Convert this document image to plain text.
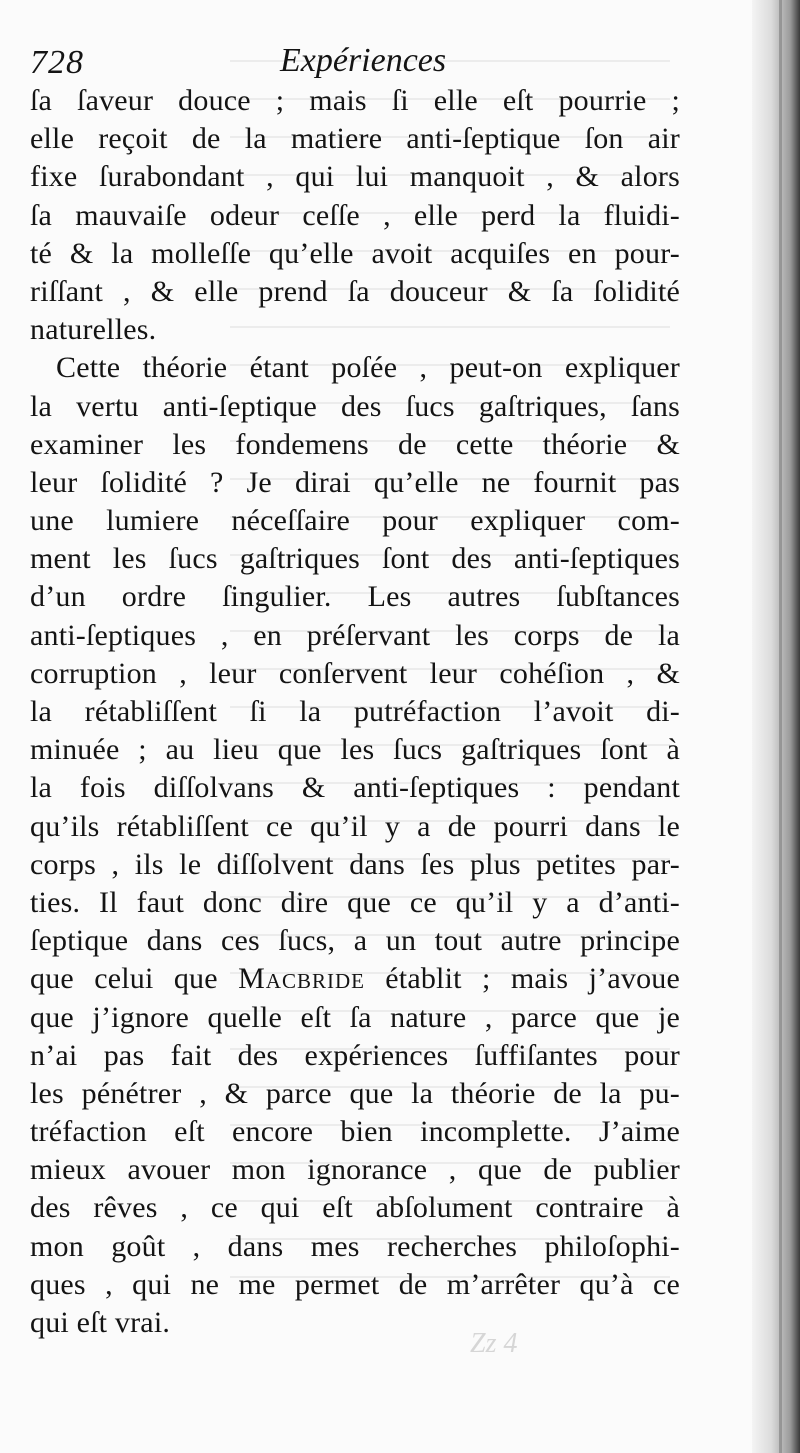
728	Expériences
ſa ſaveur douce ; mais ſi elle eſt pourrie ;
elle reçoit de la matiere anti-ſeptique ſon air
fixe ſurabondant , qui lui manquoit , & alors
ſa mauvaiſe odeur ceſſe , elle perd la fluidi-
té & la molleſſe qu’elle avoit acquiſes en pour-
riſſant , & elle prend ſa douceur & ſa ſolidité
naturelles.
Cette théorie étant poſée , peut-on expliquer
la vertu anti-ſeptique des ſucs gaſtriques, ſans
examiner les fondemens de cette théorie &
leur ſolidité ? Je dirai qu’elle ne fournit pas
une lumiere néceſſaire pour expliquer com-
ment les ſucs gaſtriques ſont des anti-ſeptiques
d’un ordre ſingulier. Les autres ſubſtances
anti-ſeptiques , en préſervant les corps de la
corruption , leur conſervent leur cohéſion , &
la rétabliſſent ſi la putréfaction l’avoit di-
minuée ; au lieu que les ſucs gaſtriques ſont à
la fois diſſolvans & anti-ſeptiques : pendant
qu’ils rétabliſſent ce qu’il y a de pourri dans le
corps , ils le diſſolvent dans ſes plus petites par-
ties. Il faut donc dire que ce qu’il y a d’anti-
ſeptique dans ces ſucs, a un tout autre principe
que celui que Macbride établit ; mais j’avoue
que j’ignore quelle eſt ſa nature , parce que je
n’ai pas fait des expériences ſuffiſantes pour
les pénétrer , & parce que la théorie de la pu-
tréfaction eſt encore bien incomplette. J’aime
mieux avouer mon ignorance , que de publier
des rêves , ce qui eſt abſolument contraire à
mon goût , dans mes recherches philoſophi-
ques , qui ne me permet de m’arrêter qu’à ce
qui eſt vrai.
Zz 4
